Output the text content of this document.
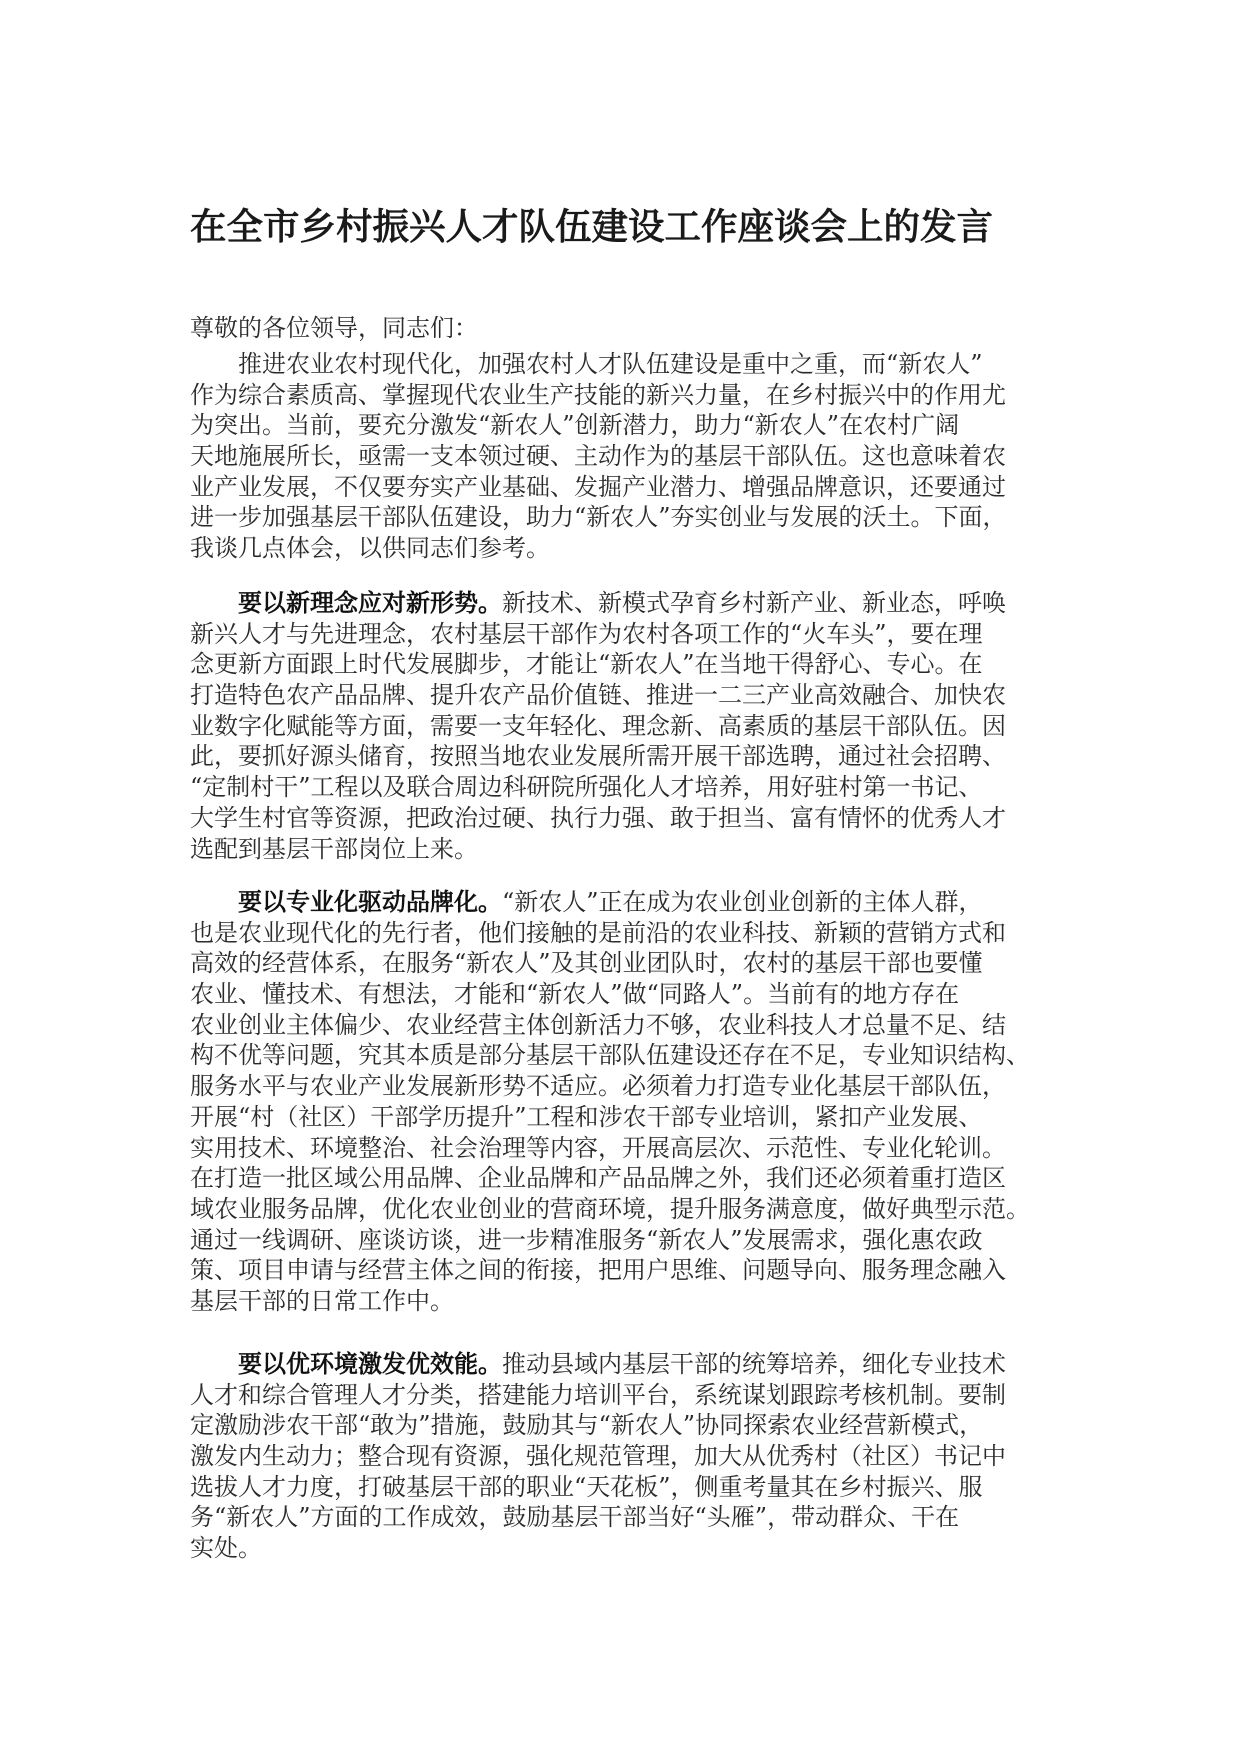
在全市乡村振兴人才队伍建设工作座谈会上的发言
尊敬的各位领导，同志们：
推进农业农村现代化，加强农村人才队伍建设是重中之重，而“新农人”
作为综合素质高、掌握现代农业生产技能的新兴力量，在乡村振兴中的作用尤
为突出。当前，要充分激发“新农人”创新潜力，助力“新农人”在农村广阔
天地施展所长，亟需一支本领过硬、主动作为的基层干部队伍。这也意味着农
业产业发展，不仅要夯实产业基础、发掘产业潜力、增强品牌意识，还要通过
进一步加强基层干部队伍建设，助力“新农人”夯实创业与发展的沃土。下面，
我谈几点体会，以供同志们参考。
要以新理念应对新形势。新技术、新模式孕育乡村新产业、新业态，呼唤
新兴人才与先进理念，农村基层干部作为农村各项工作的“火车头”，要在理
念更新方面跟上时代发展脚步，才能让“新农人”在当地干得舒心、专心。在
打造特色农产品品牌、提升农产品价值链、推进一二三产业高效融合、加快农
业数字化赋能等方面，需要一支年轻化、理念新、高素质的基层干部队伍。因
此，要抓好源头储育，按照当地农业发展所需开展干部选聘，通过社会招聘、
“定制村干”工程以及联合周边科研院所强化人才培养，用好驻村第一书记、
大学生村官等资源，把政治过硬、执行力强、敢于担当、富有情怀的优秀人才
选配到基层干部岗位上来。
要以专业化驱动品牌化。“新农人”正在成为农业创业创新的主体人群，
也是农业现代化的先行者，他们接触的是前沿的农业科技、新颖的营销方式和
高效的经营体系，在服务“新农人”及其创业团队时，农村的基层干部也要懂
农业、懂技术、有想法，才能和“新农人”做“同路人”。当前有的地方存在
农业创业主体偏少、农业经营主体创新活力不够，农业科技人才总量不足、结
构不优等问题，究其本质是部分基层干部队伍建设还存在不足，专业知识结构、
服务水平与农业产业发展新形势不适应。必须着力打造专业化基层干部队伍，
开展“村（社区）干部学历提升”工程和涉农干部专业培训，紧扣产业发展、
实用技术、环境整治、社会治理等内容，开展高层次、示范性、专业化轮训。
在打造一批区域公用品牌、企业品牌和产品品牌之外，我们还必须着重打造区
域农业服务品牌，优化农业创业的营商环境，提升服务满意度，做好典型示范。
通过一线调研、座谈访谈，进一步精准服务“新农人”发展需求，强化惠农政
策、项目申请与经营主体之间的衔接，把用户思维、问题导向、服务理念融入
基层干部的日常工作中。
要以优环境激发优效能。推动县域内基层干部的统筹培养，细化专业技术
人才和综合管理人才分类，搭建能力培训平台，系统谋划跟踪考核机制。要制
定激励涉农干部“敢为”措施，鼓励其与“新农人”协同探索农业经营新模式，
激发内生动力；整合现有资源，强化规范管理，加大从优秀村（社区）书记中
选拔人才力度，打破基层干部的职业“天花板”，侧重考量其在乡村振兴、服
务“新农人”方面的工作成效，鼓励基层干部当好“头雁”，带动群众、干在
实处。
